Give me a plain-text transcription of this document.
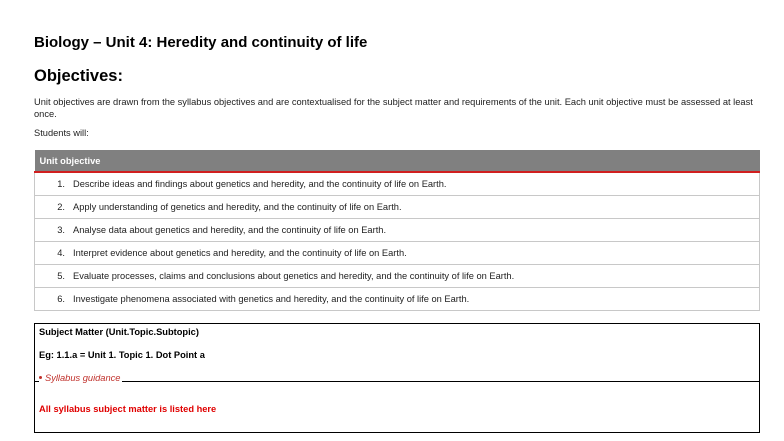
Biology – Unit 4: Heredity and continuity of life
Objectives:
Unit objectives are drawn from the syllabus objectives and are contextualised for the subject matter and requirements of the unit. Each unit objective must be assessed at least once.
Students will:
Unit objective
1. Describe ideas and findings about genetics and heredity, and the continuity of life on Earth.
2. Apply understanding of genetics and heredity, and the continuity of life on Earth.
3. Analyse data about genetics and heredity, and the continuity of life on Earth.
4. Interpret evidence about genetics and heredity, and the continuity of life on Earth.
5. Evaluate processes, claims and conclusions about genetics and heredity, and the continuity of life on Earth.
6. Investigate phenomena associated with genetics and heredity, and the continuity of life on Earth.
Subject Matter (Unit.Topic.Subtopic)
Eg: 1.1.a = Unit 1. Topic 1. Dot Point a
Syllabus guidance
All syllabus subject matter is listed here
